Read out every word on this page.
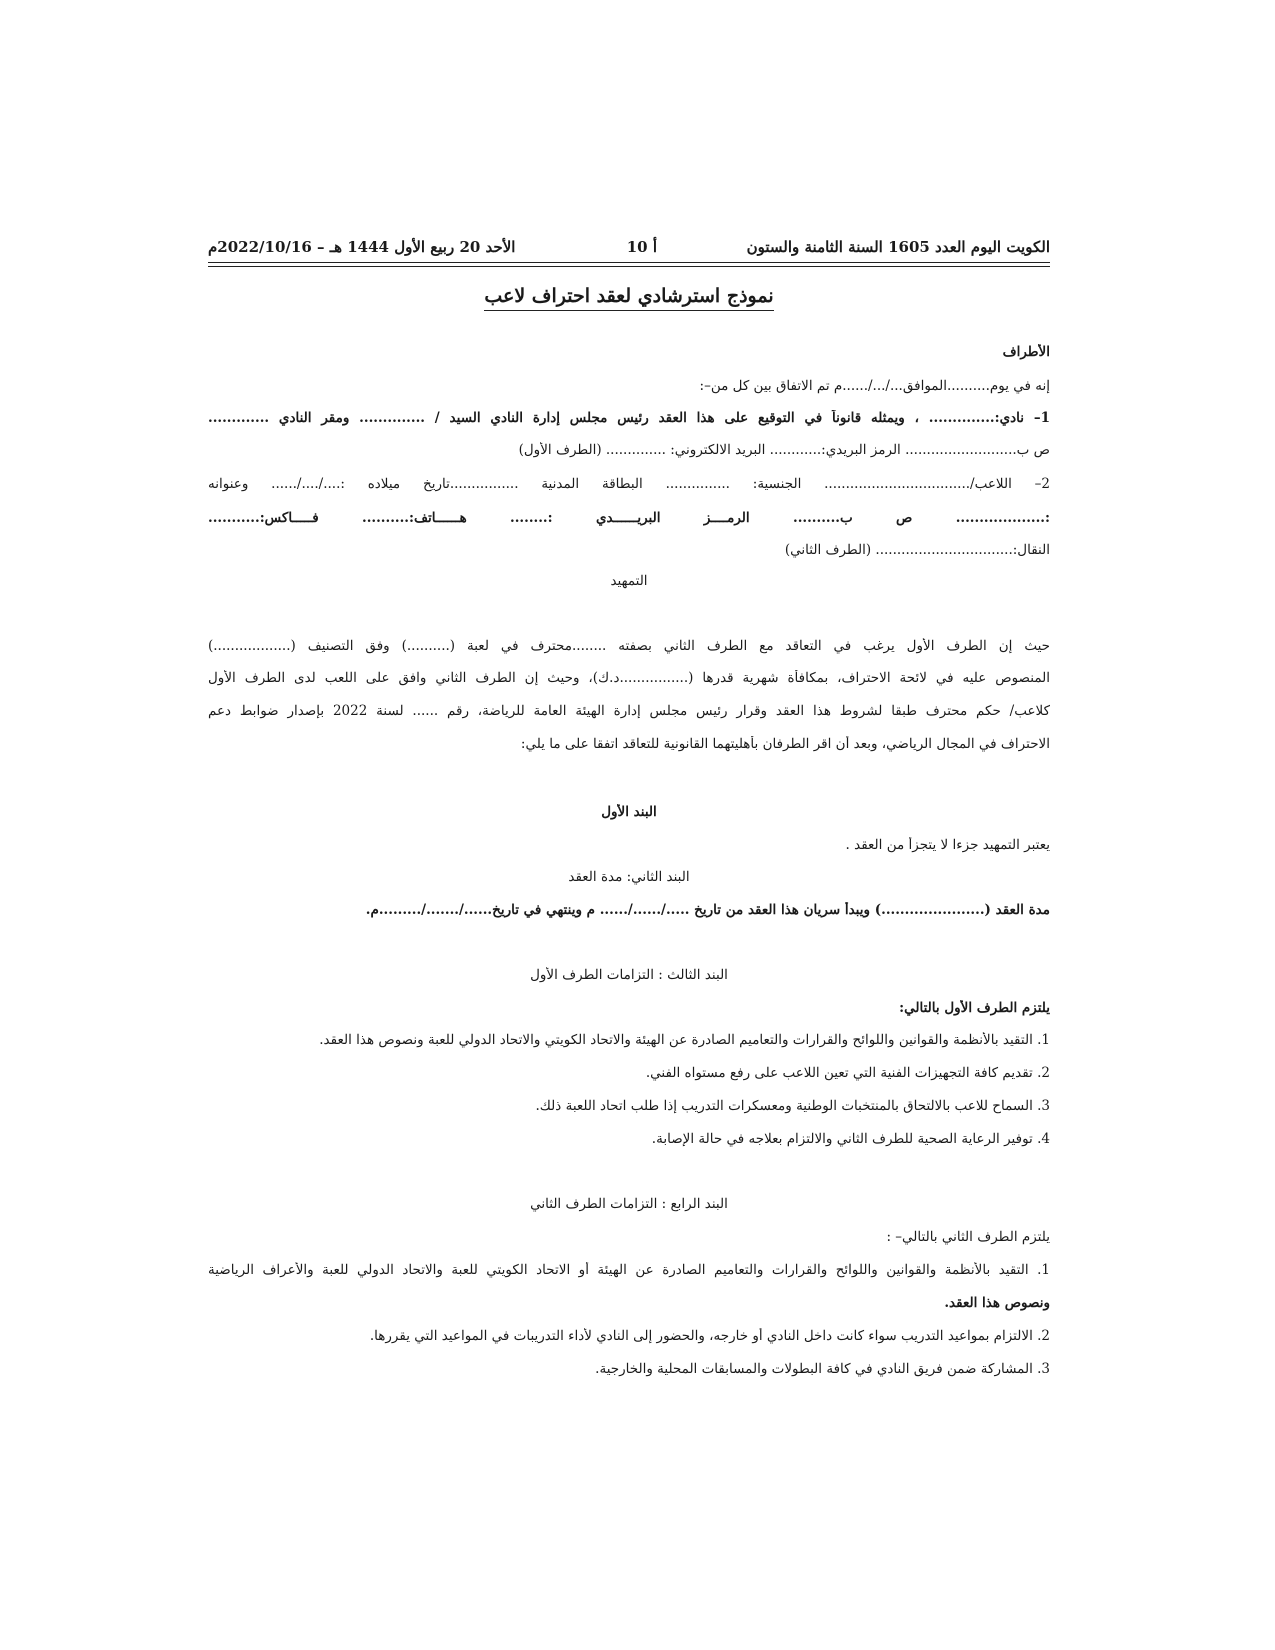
الكويت اليوم العدد 1605 السنة الثامنة والستون
أ 10
الأحد 20 ربيع الأول 1444 هـ – 2022/10/16م
نموذج استرشادي لعقد احتراف لاعب
الأطراف
إنه في يوم..........الموافق.../.../......م تم الاتفاق بين كل من–:
1– نادي:.............. ، ويمثله قانوناً في التوقيع على هذا العقد رئيس مجلس إدارة النادي السيد / .............. ومقر النادي .............
ص ب.......................... الرمز البريدي:............ البريد الالكتروني: .............. (الطرف الأول)
2– اللاعب/.................................. الجنسية: ............... البطاقة المدنية ................تاريخ ميلاده :..../..../...... وعنوانه
:................... ص ب.......... الرمــــز البريــــــدي :........ هــــــاتف:.......... فـــــاكس:...........
النقال:................................ (الطرف الثاني)
التمهيد
حيث إن الطرف الأول يرغب في التعاقد مع الطرف الثاني بصفته ........محترف في لعبة (..........) وفق التصنيف (..................)
المنصوص عليه في لائحة الاحتراف، بمكافأة شهرية قدرها (................د.ك)، وحيث إن الطرف الثاني وافق على اللعب لدى الطرف الأول
كلاعب/ حكم محترف طبقا لشروط هذا العقد وقرار رئيس مجلس إدارة الهيئة العامة للرياضة، رقم ...... لسنة 2022 بإصدار ضوابط دعم
الاحتراف في المجال الرياضي، وبعد أن اقر الطرفان بأهليتهما القانونية للتعاقد اتفقا على ما يلي:
البند الأول
يعتبر التمهيد جزءا لا يتجزأ من العقد .
البند الثاني: مدة العقد
مدة العقد (......................) ويبدأ سريان هذا العقد من تاريخ ...../....../...... م وينتهي في تاريخ....../......./.........م.
البند الثالث : التزامات الطرف الأول
يلتزم الطرف الأول بالتالي:
1. التقيد بالأنظمة والقوانين واللوائح والقرارات والتعاميم الصادرة عن الهيئة والاتحاد الكويتي والاتحاد الدولي للعبة ونصوص هذا العقد.
2. تقديم كافة التجهيزات الفنية التي تعين اللاعب على رفع مستواه الفني.
3. السماح للاعب بالالتحاق بالمنتخبات الوطنية ومعسكرات التدريب إذا طلب اتحاد اللعبة ذلك.
4. توفير الرعاية الصحية للطرف الثاني والالتزام بعلاجه في حالة الإصابة.
البند الرابع : التزامات الطرف الثاني
يلتزم الطرف الثاني بالتالي– :
1. التقيد بالأنظمة والقوانين واللوائح والقرارات والتعاميم الصادرة عن الهيئة أو الاتحاد الكويتي للعبة والاتحاد الدولي للعبة والأعراف الرياضية
ونصوص هذا العقد.
2. الالتزام بمواعيد التدريب سواء كانت داخل النادي أو خارجه، والحضور إلى النادي لأداء التدريبات في المواعيد التي يقررها.
3. المشاركة ضمن فريق النادي في كافة البطولات والمسابقات المحلية والخارجية.
